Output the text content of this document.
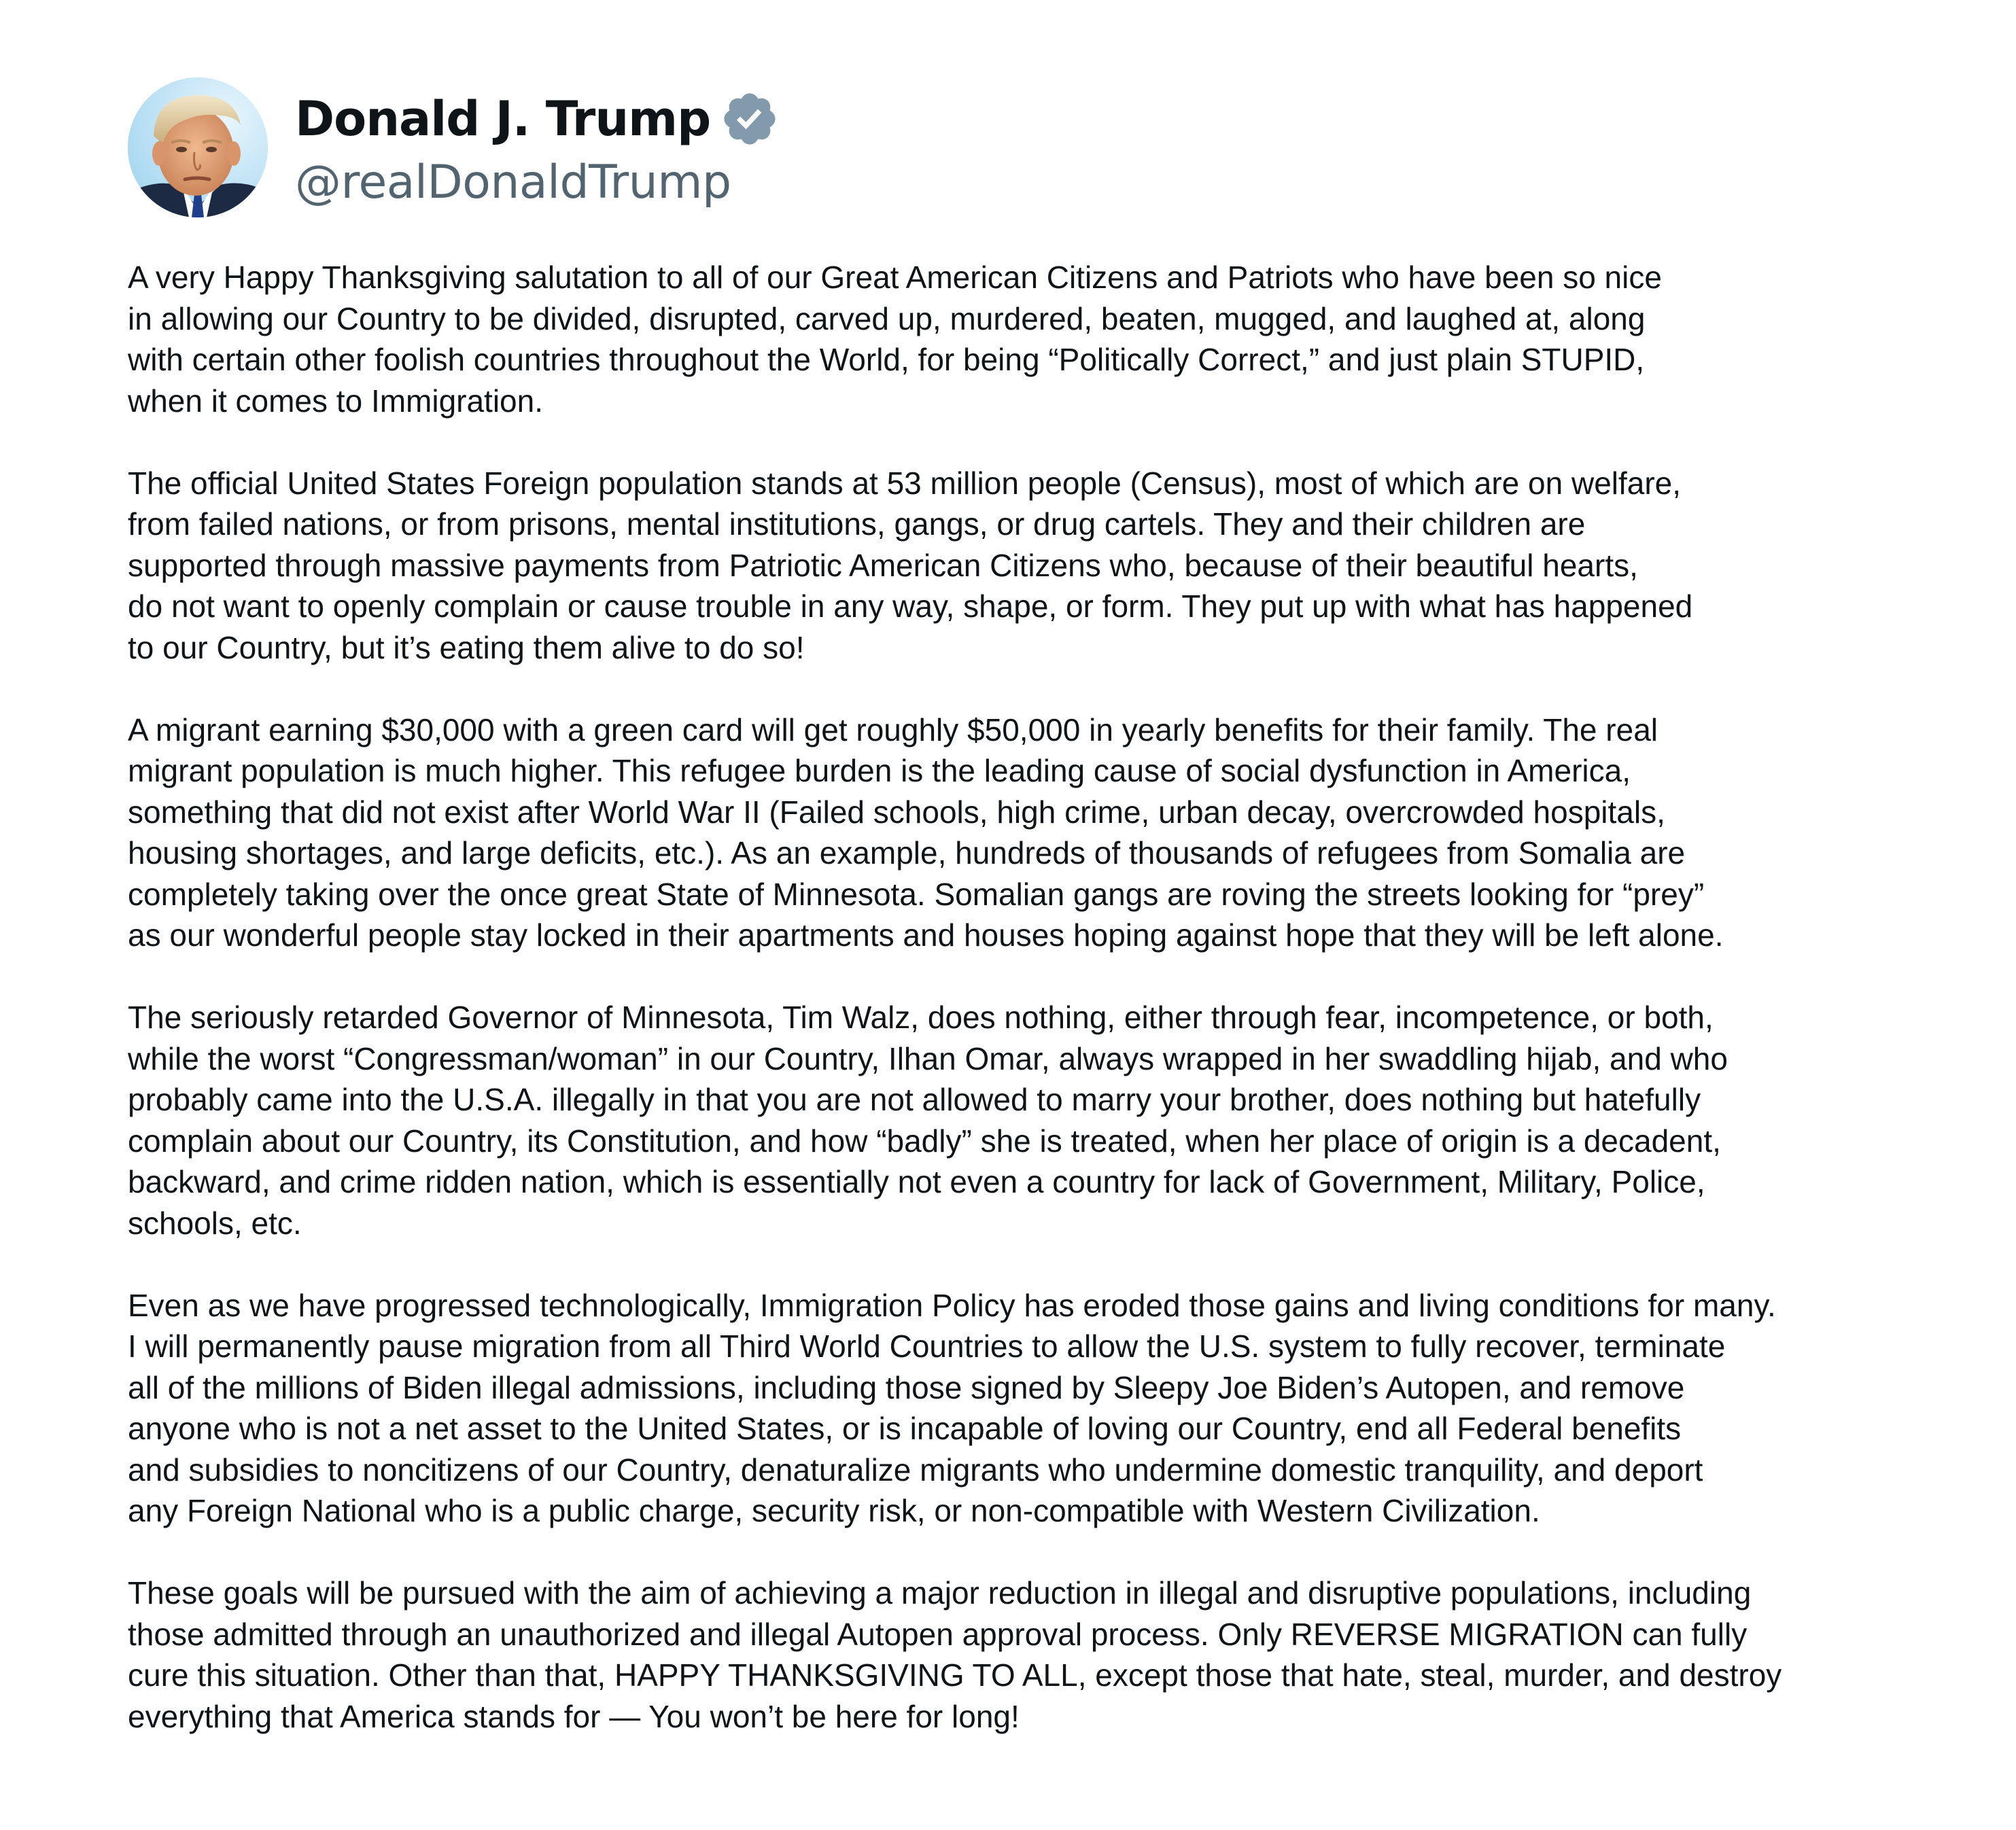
Donald J. Trump
@realDonaldTrump
A very Happy Thanksgiving salutation to all of our Great American Citizens and Patriots who have been so nice
in allowing our Country to be divided, disrupted, carved up, murdered, beaten, mugged, and laughed at, along
with certain other foolish countries throughout the World, for being “Politically Correct,” and just plain STUPID,
when it comes to Immigration.
The official United States Foreign population stands at 53 million people (Census), most of which are on welfare,
from failed nations, or from prisons, mental institutions, gangs, or drug cartels. They and their children are
supported through massive payments from Patriotic American Citizens who, because of their beautiful hearts,
do not want to openly complain or cause trouble in any way, shape, or form. They put up with what has happened
to our Country, but it’s eating them alive to do so!
A migrant earning $30,000 with a green card will get roughly $50,000 in yearly benefits for their family. The real
migrant population is much higher. This refugee burden is the leading cause of social dysfunction in America,
something that did not exist after World War II (Failed schools, high crime, urban decay, overcrowded hospitals,
housing shortages, and large deficits, etc.). As an example, hundreds of thousands of refugees from Somalia are
completely taking over the once great State of Minnesota. Somalian gangs are roving the streets looking for “prey”
as our wonderful people stay locked in their apartments and houses hoping against hope that they will be left alone.
The seriously retarded Governor of Minnesota, Tim Walz, does nothing, either through fear, incompetence, or both,
while the worst “Congressman/woman” in our Country, Ilhan Omar, always wrapped in her swaddling hijab, and who
probably came into the U.S.A. illegally in that you are not allowed to marry your brother, does nothing but hatefully
complain about our Country, its Constitution, and how “badly” she is treated, when her place of origin is a decadent,
backward, and crime ridden nation, which is essentially not even a country for lack of Government, Military, Police,
schools, etc.
Even as we have progressed technologically, Immigration Policy has eroded those gains and living conditions for many.
I will permanently pause migration from all Third World Countries to allow the U.S. system to fully recover, terminate
all of the millions of Biden illegal admissions, including those signed by Sleepy Joe Biden’s Autopen, and remove
anyone who is not a net asset to the United States, or is incapable of loving our Country, end all Federal benefits
and subsidies to noncitizens of our Country, denaturalize migrants who undermine domestic tranquility, and deport
any Foreign National who is a public charge, security risk, or non-compatible with Western Civilization.
These goals will be pursued with the aim of achieving a major reduction in illegal and disruptive populations, including
those admitted through an unauthorized and illegal Autopen approval process. Only REVERSE MIGRATION can fully
cure this situation. Other than that, HAPPY THANKSGIVING TO ALL, except those that hate, steal, murder, and destroy
everything that America stands for — You won’t be here for long!
